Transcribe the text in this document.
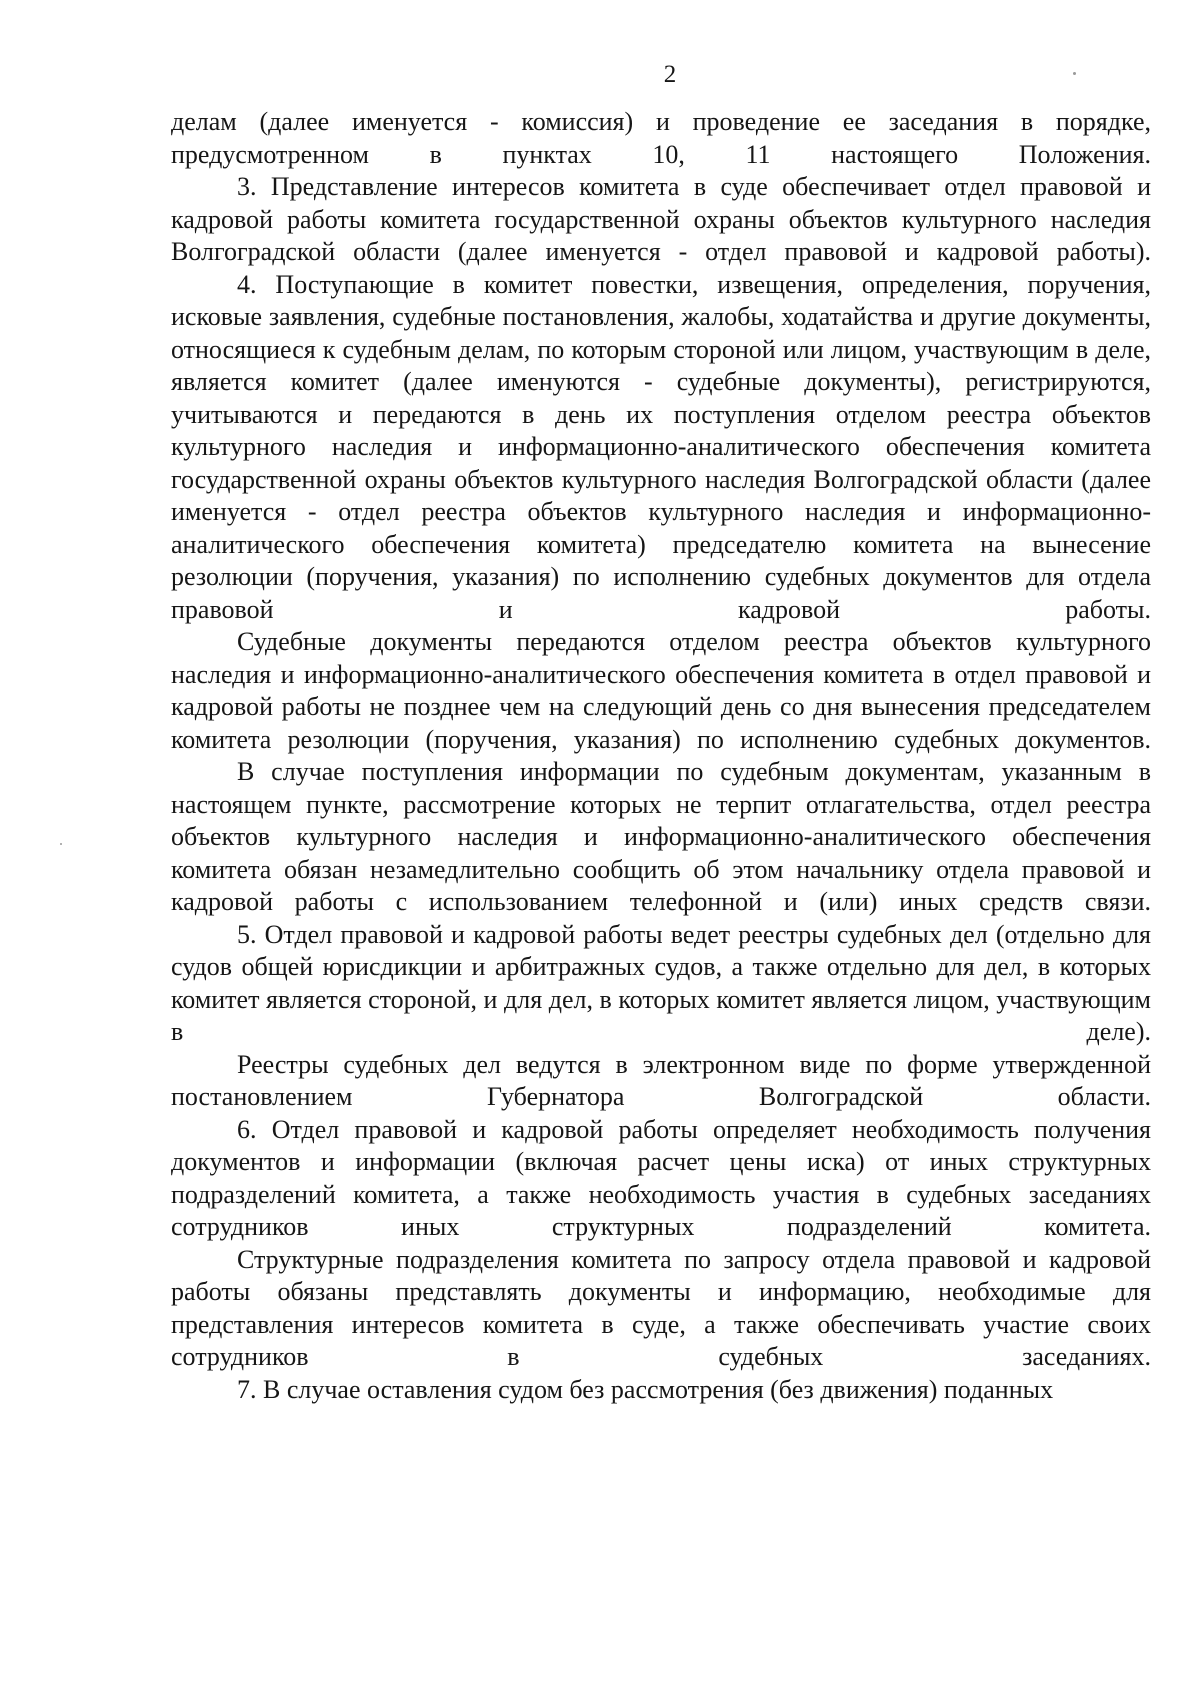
2

делам (далее именуется - комиссия) и проведение ее заседания в порядке, предусмотренном в пунктах 10, 11 настоящего Положения.

3. Представление интересов комитета в суде обеспечивает отдел правовой и кадровой работы комитета государственной охраны объектов культурного наследия Волгоградской области (далее именуется - отдел правовой и кадровой работы).

4. Поступающие в комитет повестки, извещения, определения, поручения, исковые заявления, судебные постановления, жалобы, ходатайства и другие документы, относящиеся к судебным делам, по которым стороной или лицом, участвующим в деле, является комитет (далее именуются - судебные документы), регистрируются, учитываются и передаются в день их поступления отделом реестра объектов культурного наследия и информационно-аналитического обеспечения комитета государственной охраны объектов культурного наследия Волгоградской области (далее именуется - отдел реестра объектов культурного наследия и информационно-аналитического обеспечения комитета) председателю комитета на вынесение резолюции (поручения, указания) по исполнению судебных документов для отдела правовой и кадровой работы.

Судебные документы передаются отделом реестра объектов культурного наследия и информационно-аналитического обеспечения комитета в отдел правовой и кадровой работы не позднее чем на следующий день со дня вынесения председателем комитета резолюции (поручения, указания) по исполнению судебных документов.

В случае поступления информации по судебным документам, указанным в настоящем пункте, рассмотрение которых не терпит отлагательства, отдел реестра объектов культурного наследия и информационно-аналитического обеспечения комитета обязан незамедлительно сообщить об этом начальнику отдела правовой и кадровой работы с использованием телефонной и (или) иных средств связи.

5. Отдел правовой и кадровой работы ведет реестры судебных дел (отдельно для судов общей юрисдикции и арбитражных судов, а также отдельно для дел, в которых комитет является стороной, и для дел, в которых комитет является лицом, участвующим в деле).

Реестры судебных дел ведутся в электронном виде по форме утвержденной постановлением Губернатора Волгоградской области.

6. Отдел правовой и кадровой работы определяет необходимость получения документов и информации (включая расчет цены иска) от иных структурных подразделений комитета, а также необходимость участия в судебных заседаниях сотрудников иных структурных подразделений комитета.

Структурные подразделения комитета по запросу отдела правовой и кадровой работы обязаны представлять документы и информацию, необходимые для представления интересов комитета в суде, а также обеспечивать участие своих сотрудников в судебных заседаниях.

7. В случае оставления судом без рассмотрения (без движения) поданных
